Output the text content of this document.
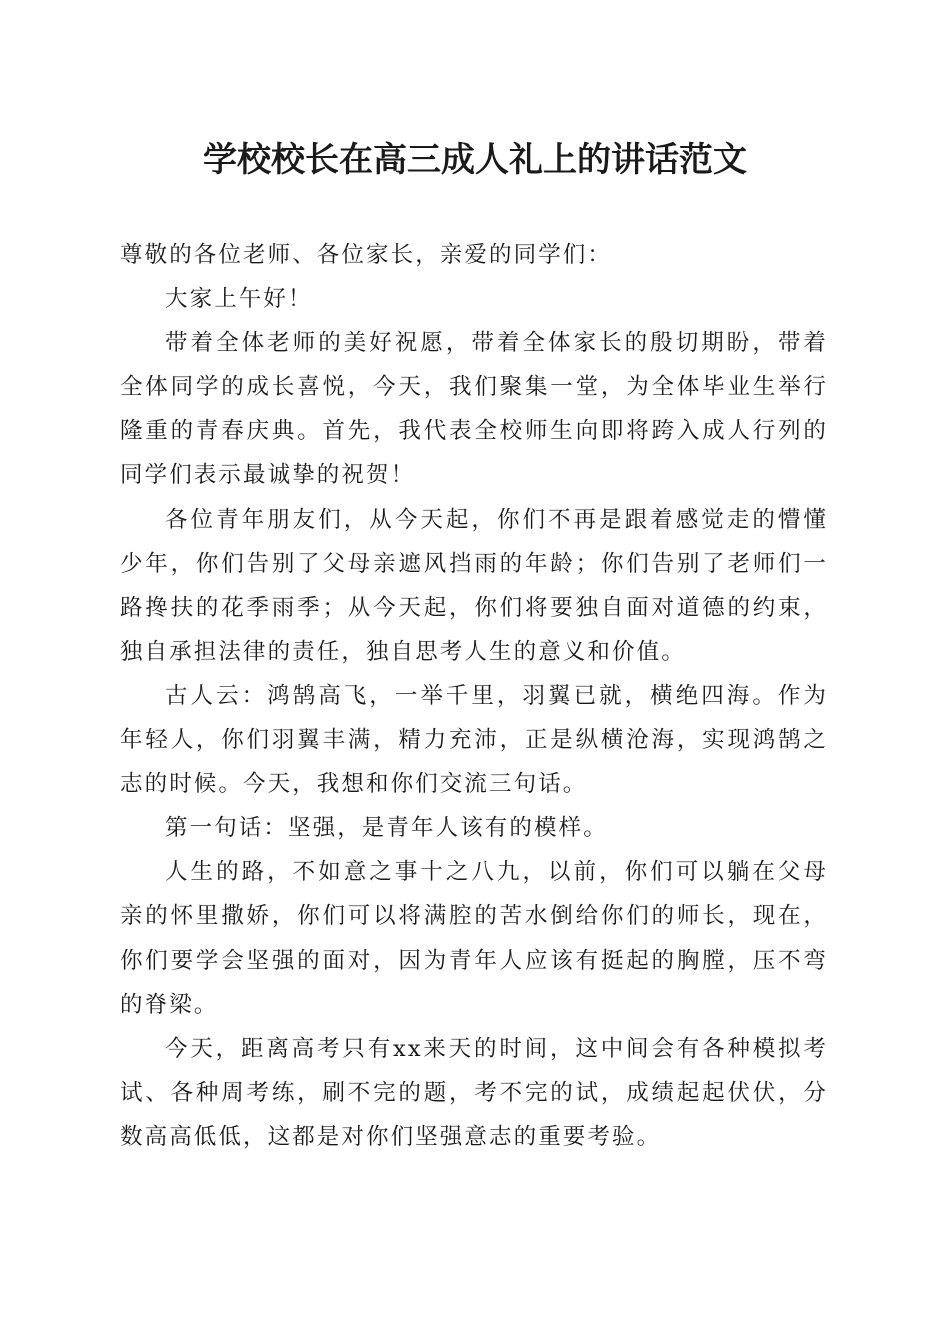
学校校长在高三成人礼上的讲话范文

尊敬的各位老师、各位家长，亲爱的同学们：

大家上午好！

带着全体老师的美好祝愿，带着全体家长的殷切期盼，带着全体同学的成长喜悦，今天，我们聚集一堂，为全体毕业生举行隆重的青春庆典。首先，我代表全校师生向即将跨入成人行列的同学们表示最诚挚的祝贺！

各位青年朋友们，从今天起，你们不再是跟着感觉走的懵懂少年，你们告别了父母亲遮风挡雨的年龄；你们告别了老师们一路搀扶的花季雨季；从今天起，你们将要独自面对道德的约束，独自承担法律的责任，独自思考人生的意义和价值。

古人云：鸿鹄高飞，一举千里，羽翼已就，横绝四海。作为年轻人，你们羽翼丰满，精力充沛，正是纵横沧海，实现鸿鹄之志的时候。今天，我想和你们交流三句话。

第一句话：坚强，是青年人该有的模样。

人生的路，不如意之事十之八九，以前，你们可以躺在父母亲的怀里撒娇，你们可以将满腔的苦水倒给你们的师长，现在，你们要学会坚强的面对，因为青年人应该有挺起的胸膛，压不弯的脊梁。

今天，距离高考只有xx来天的时间，这中间会有各种模拟考试、各种周考练，刷不完的题，考不完的试，成绩起起伏伏，分数高高低低，这都是对你们坚强意志的重要考验。
